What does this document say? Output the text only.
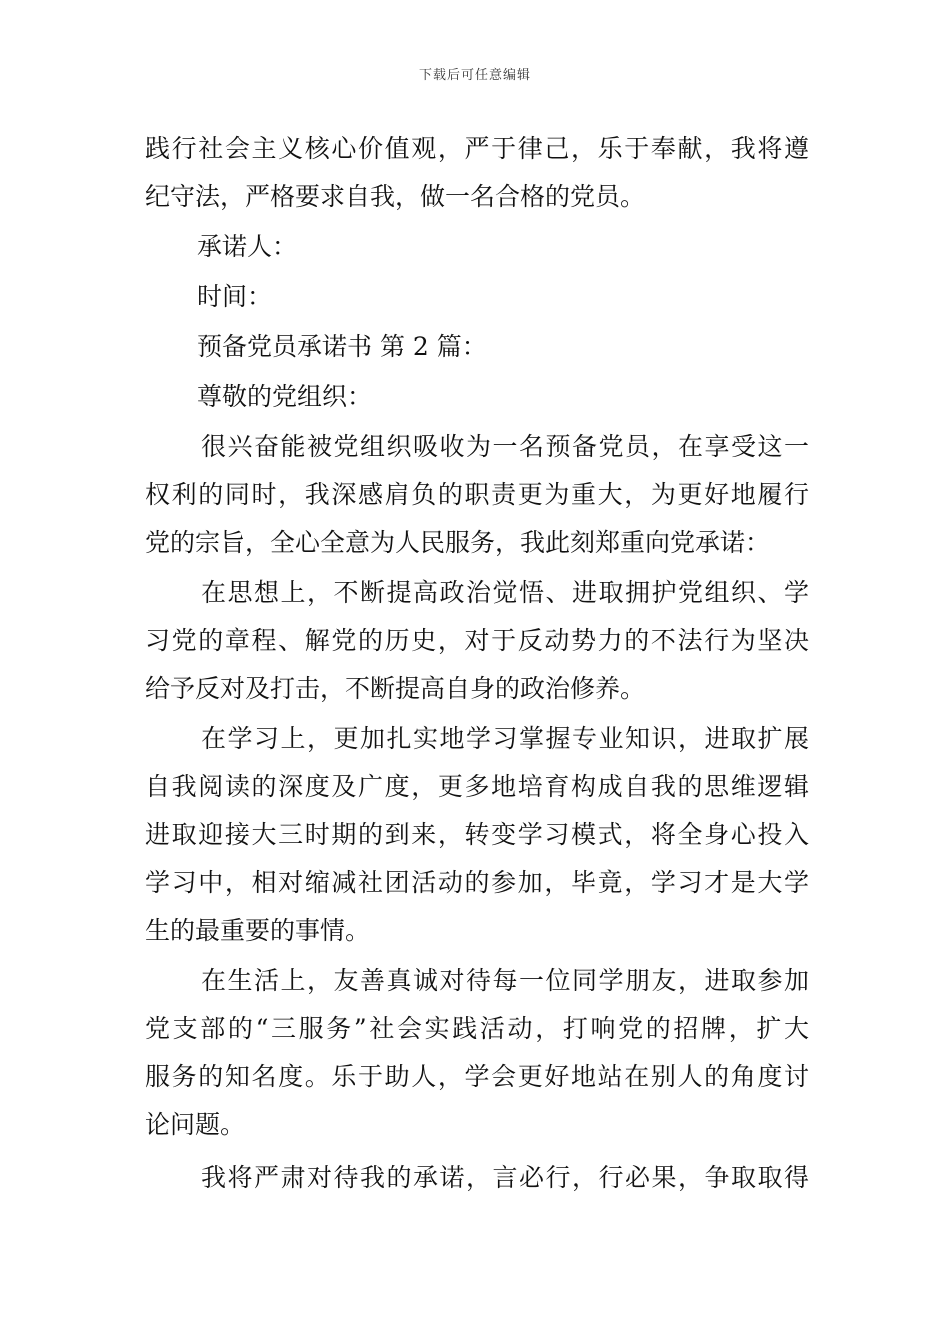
下载后可任意编辑
践行社会主义核心价值观，严于律己，乐于奉献，我将遵
纪守法，严格要求自我，做一名合格的党员。
承诺人：
时间：
预备党员承诺书 第 2 篇：
尊敬的党组织：
很兴奋能被党组织吸收为一名预备党员，在享受这一
权利的同时，我深感肩负的职责更为重大，为更好地履行
党的宗旨，全心全意为人民服务，我此刻郑重向党承诺：
在思想上，不断提高政治觉悟、进取拥护党组织、学
习党的章程、解党的历史，对于反动势力的不法行为坚决
给予反对及打击，不断提高自身的政治修养。
在学习上，更加扎实地学习掌握专业知识，进取扩展
自我阅读的深度及广度，更多地培育构成自我的思维逻辑
进取迎接大三时期的到来，转变学习模式，将全身心投入
学习中，相对缩减社团活动的参加，毕竟，学习才是大学
生的最重要的事情。
在生活上，友善真诚对待每一位同学朋友，进取参加
党支部的“三服务”社会实践活动，打响党的招牌，扩大
服务的知名度。乐于助人，学会更好地站在别人的角度讨
论问题。
我将严肃对待我的承诺，言必行，行必果，争取取得
